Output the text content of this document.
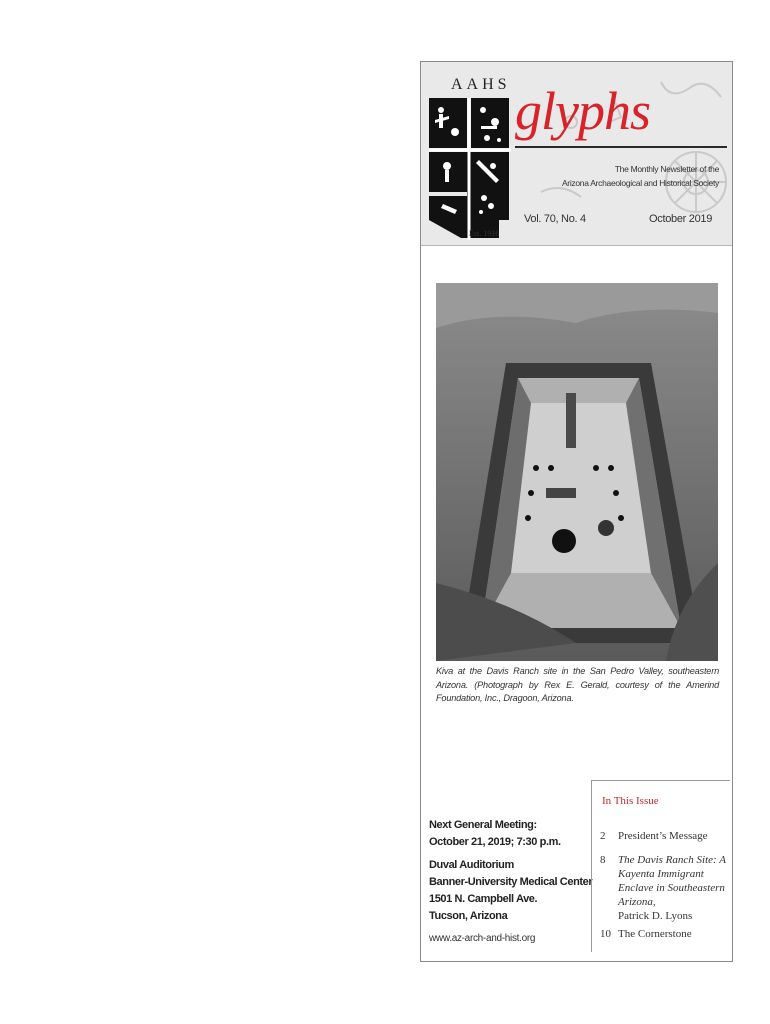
AAHS
Est. 1916
glyphs
The Monthly Newsletter of the
Arizona Archaeological and Historical Society
Vol. 70, No. 4	October 2019
Kiva at the Davis Ranch site in the San Pedro Valley, southeastern Arizona. (Photograph by Rex E. Gerald, courtesy of the Amerind Foundation, Inc., Dragoon, Arizona.
Next General Meeting:
October 21, 2019; 7:30 p.m.
Duval Auditorium
Banner-University Medical Center
1501 N. Campbell Ave.
Tucson, Arizona
www.az-arch-and-hist.org
In This Issue
2 President’s Message
8 The Davis Ranch Site: A Kayenta Immigrant Enclave in Southeastern Arizona,
Patrick D. Lyons
10 The Cornerstone
